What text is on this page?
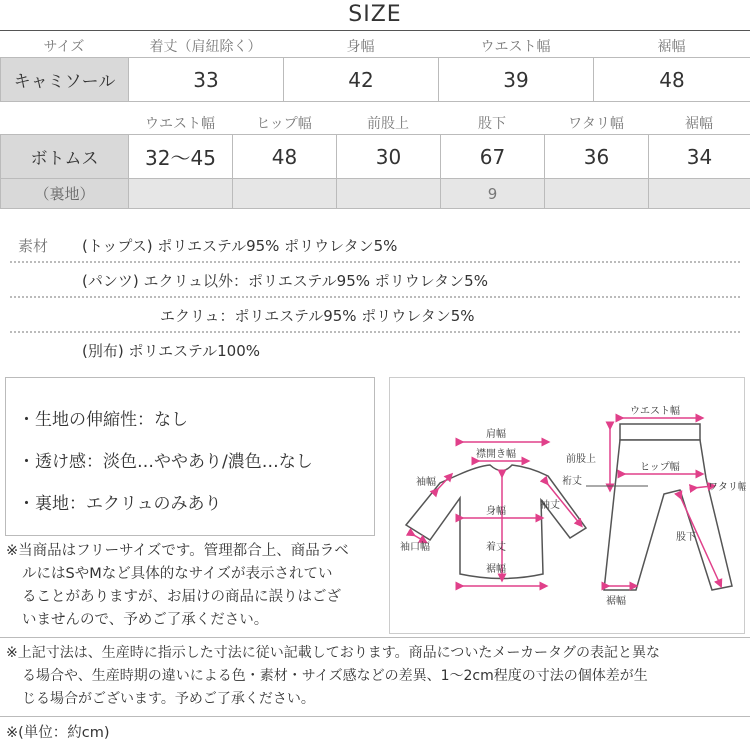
SIZE
サイズ	着丈（肩紐除く）	身幅	ウエスト幅	裾幅
キャミソール	33	42	39	48
ウエスト幅	ヒップ幅	前股上	股下	ワタリ幅	裾幅
ボトムス	32〜45	48	30	67	36	34
（裏地）				9		
素材 (トップス) ポリエステル95% ポリウレタン5%
(パンツ) エクリュ以外：ポリエステル95% ポリウレタン5%
エクリュ：ポリエステル95% ポリウレタン5%
(別布) ポリエステル100%
・生地の伸縮性：なし
・透け感：淡色…ややあり/濃色…なし
・裏地：エクリュのみあり
肩幅
襟開き幅
袖幅
身幅
袖丈
袖口幅	着丈
裾幅
ウエスト幅
前股上
ヒップ幅
裄丈
ワタリ幅
股下
裾幅
※当商品はフリーサイズです。管理都合上、商品ラベ
ルにはSやMなど具体的なサイズが表示されてい
ることがありますが、お届けの商品に誤りはござ
いませんので、予めご了承ください。
※上記寸法は、生産時に指示した寸法に従い記載しております。商品についたメーカータグの表記と異な
る場合や、生産時期の違いによる色・素材・サイズ感などの差異、1〜2cm程度の寸法の個体差が生
じる場合がございます。予めご了承ください。
※(単位：約cm)
